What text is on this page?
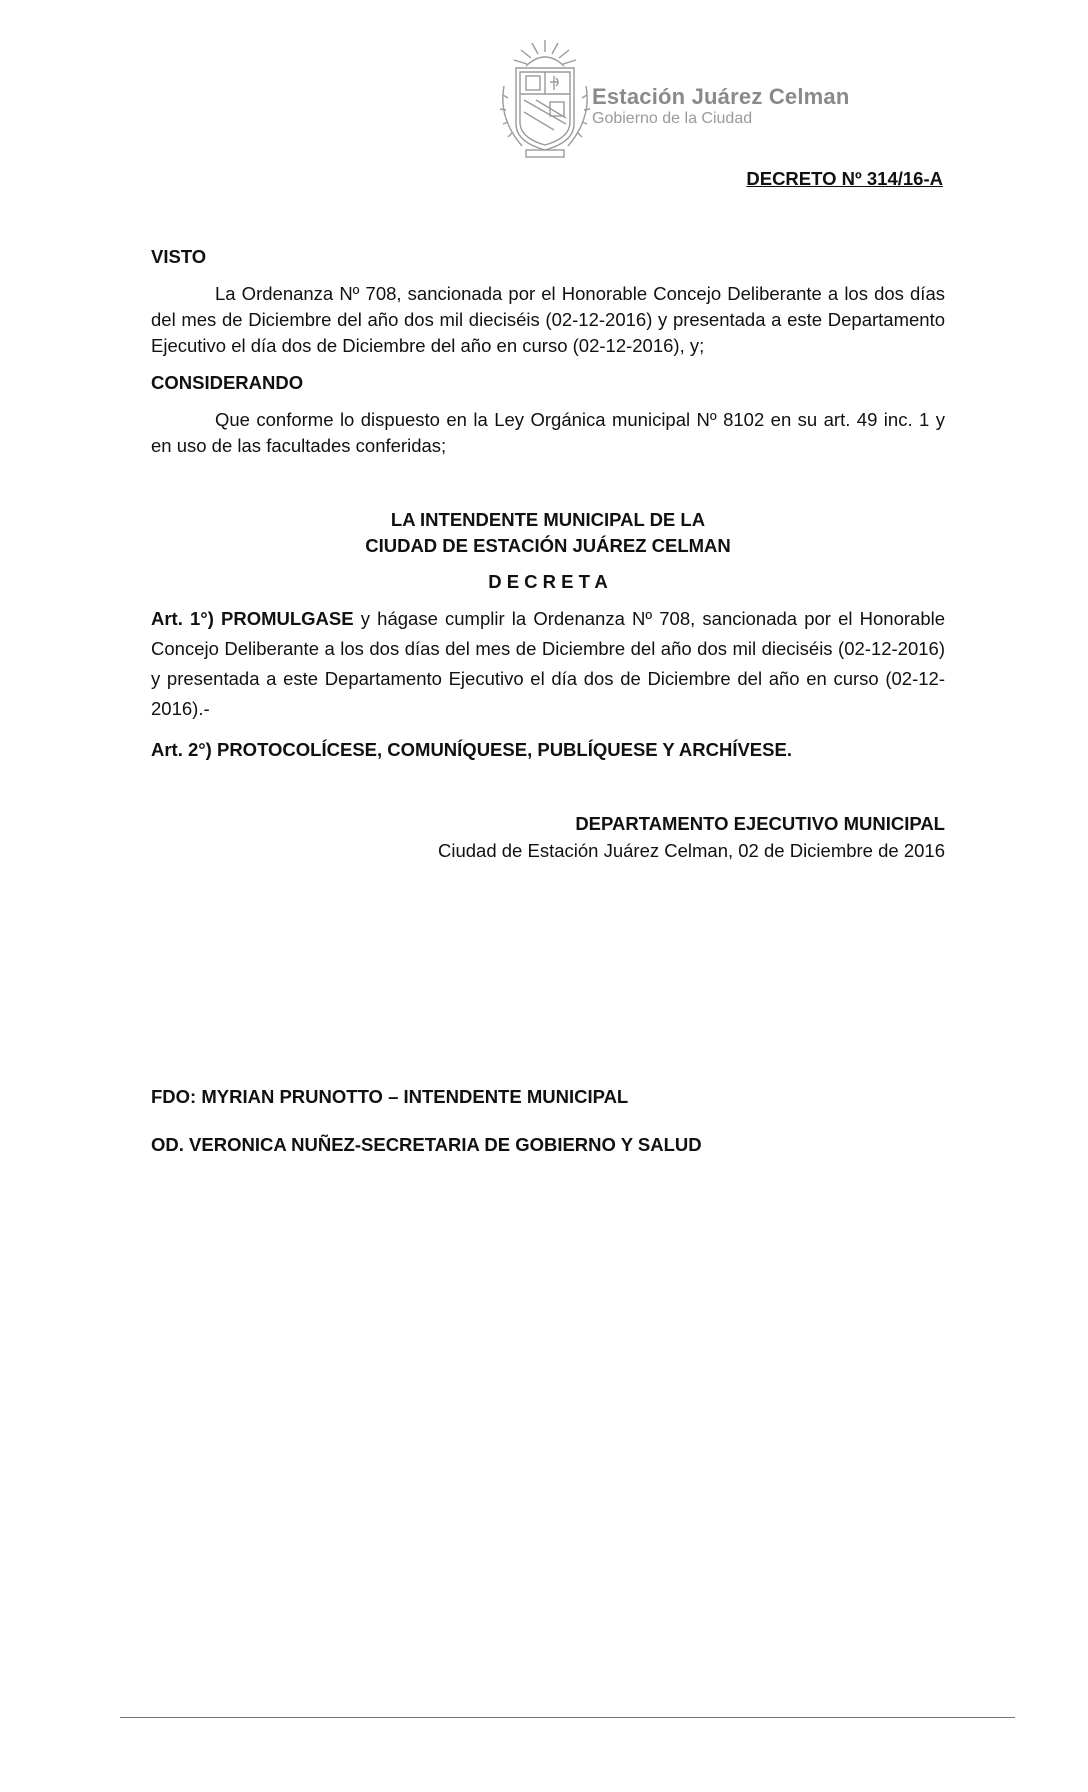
Estación Juárez Celman
Gobierno de la Ciudad
DECRETO Nº 314/16-A
VISTO
La Ordenanza Nº 708, sancionada por el Honorable Concejo Deliberante a los dos días del mes de Diciembre del año dos mil dieciséis (02-12-2016) y presentada a este Departamento Ejecutivo el día dos de Diciembre del año en curso (02-12-2016), y;
CONSIDERANDO
Que conforme lo dispuesto en la Ley Orgánica municipal Nº 8102 en su art. 49 inc. 1 y en uso de las facultades conferidas;
LA INTENDENTE MUNICIPAL DE LA
CIUDAD DE ESTACIÓN JUÁREZ CELMAN
D E C R E T A
Art. 1°) PROMULGASE y hágase cumplir la Ordenanza Nº 708, sancionada por el Honorable Concejo Deliberante a los dos días del mes de Diciembre del año dos mil dieciséis (02-12-2016) y presentada a este Departamento Ejecutivo el día dos de Diciembre del año en curso (02-12-2016).-
Art. 2°) PROTOCOLÍCESE, COMUNÍQUESE, PUBLÍQUESE Y ARCHÍVESE.
DEPARTAMENTO EJECUTIVO MUNICIPAL
Ciudad de Estación Juárez Celman, 02 de Diciembre de 2016
FDO: MYRIAN PRUNOTTO – INTENDENTE MUNICIPAL
OD. VERONICA NUÑEZ-SECRETARIA DE GOBIERNO Y SALUD
